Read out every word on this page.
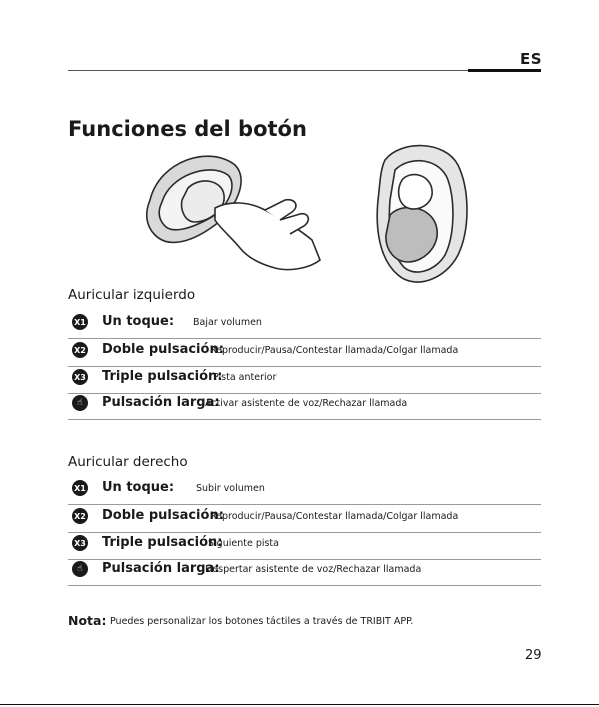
ES
Funciones del botón
Auricular izquierdo
X1 Un toque: Bajar volumen
X2 Doble pulsación:
Reproducir/Pausa/Contestar llamada/Colgar llamada
X3 Triple pulsación:
Pista anterior
☝	Pulsación larga:
Activar asistente de voz/Rechazar llamada
Auricular derecho
X1 Un toque: Subir volumen
X2 Doble pulsación:
Reproducir/Pausa/Contestar llamada/Colgar llamada
X3 Triple pulsación:
Siguiente pista
☝	Pulsación larga:
Despertar asistente de voz/Rechazar llamada
Nota: Puedes personalizar los botones táctiles a través de TRIBIT APP.
29
